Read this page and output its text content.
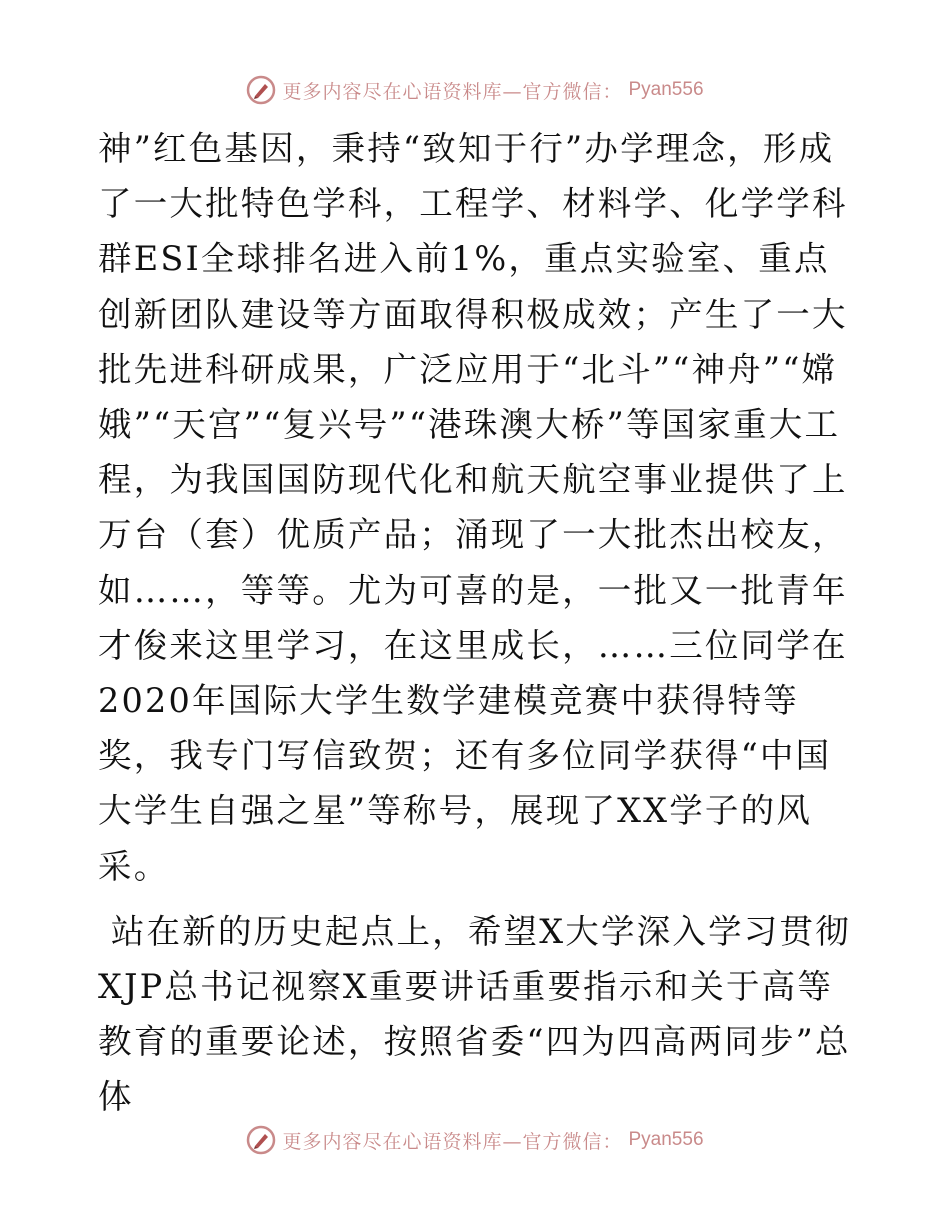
更多内容尽在心语资料库—官方微信： Pyan556

神”红色基因，秉持“致知于行”办学理念，形成了一大批特色学科，工程学、材料学、化学学科群ESI全球排名进入前1%，重点实验室、重点创新团队建设等方面取得积极成效；产生了一大批先进科研成果，广泛应用于“北斗”“神舟”“嫦娥”“天宫”“复兴号”“港珠澳大桥”等国家重大工程，为我国国防现代化和航天航空事业提供了上万台（套）优质产品；涌现了一大批杰出校友，如……，等等。尤为可喜的是，一批又一批青年才俊来这里学习，在这里成长，……三位同学在2020年国际大学生数学建模竞赛中获得特等奖，我专门写信致贺；还有多位同学获得“中国大学生自强之星”等称号，展现了XX学子的风采。

站在新的历史起点上，希望X大学深入学习贯彻XJP总书记视察X重要讲话重要指示和关于高等教育的重要论述，按照省委“四为四高两同步”总体

更多内容尽在心语资料库—官方微信： Pyan556
